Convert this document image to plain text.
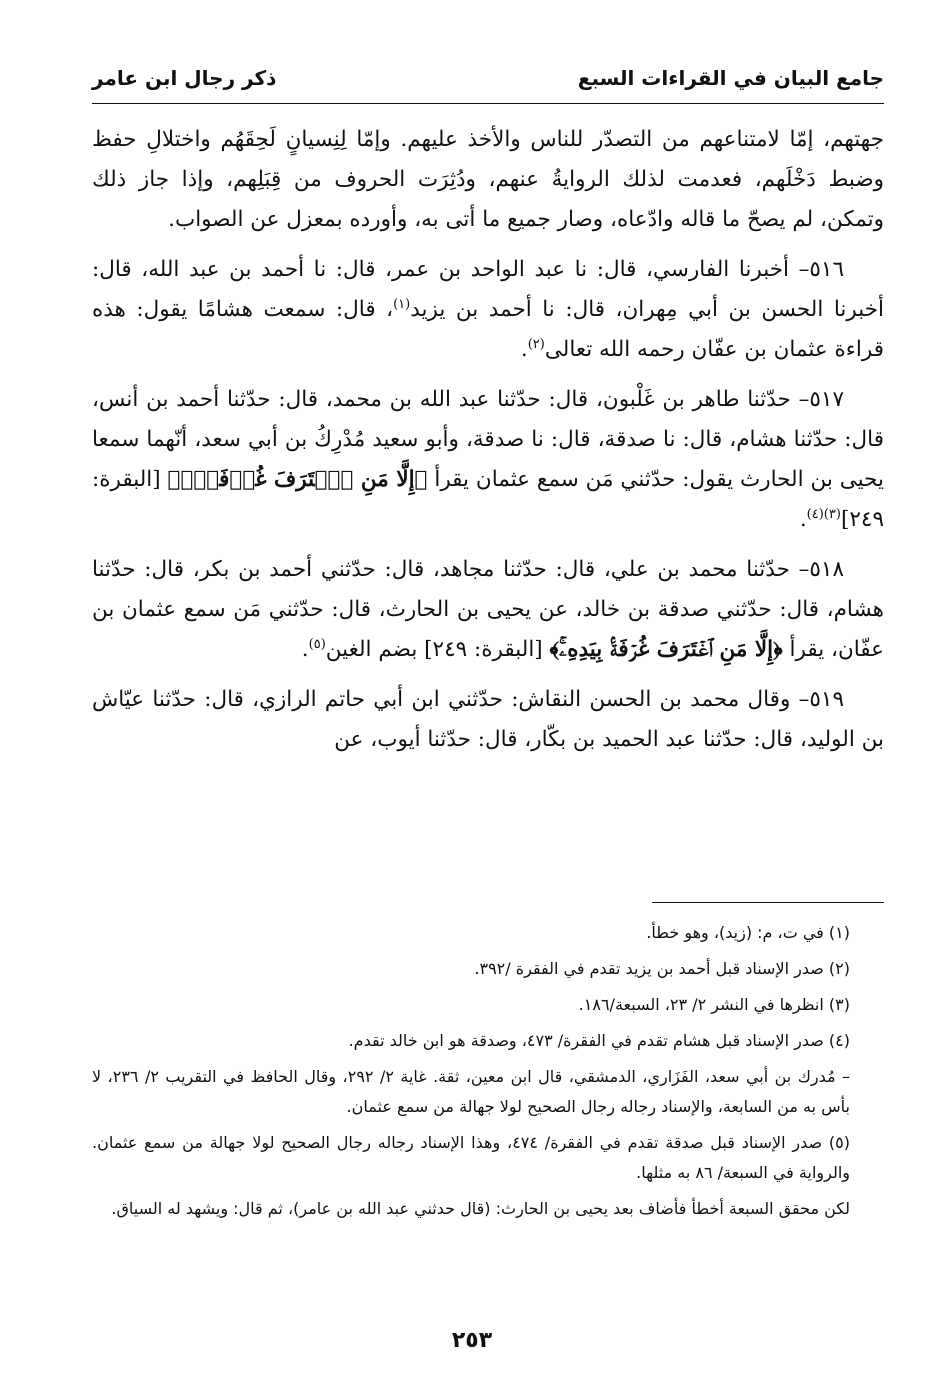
جامع البيان في القراءات السبع
ذكر رجال ابن عامر

جهتهم، إمّا لامتناعهم من التصدّر للناس والأخذ عليهم. وإمّا لِنِسيانٍ لَحِقَهُم واختلالِ حفظ وضبط دَخْلَهم، فعدمت لذلك الروايةُ عنهم، ودُثِرَت الحروف من قِبَلِهم، وإذا جاز ذلك وتمكن، لم يصحّ ما قاله وادّعاه، وصار جميع ما أتى به، وأورده بمعزل عن الصواب.

٥١٦– أخبرنا الفارسي، قال: نا عبد الواحد بن عمر، قال: نا أحمد بن عبد الله، قال: أخبرنا الحسن بن أبي مِهران، قال: نا أحمد بن يزيد$^{(١)}$، قال: سمعت هشامًا يقول: هذه قراءة عثمان بن عفّان رحمه الله تعالى$^{(٢)}$.

٥١٧– حدّثنا طاهر بن غَلْبون، قال: حدّثنا عبد الله بن محمد، قال: حدّثنا أحمد بن أنس، قال: حدّثنا هشام، قال: نا صدقة، قال: نا صدقة، وأبو سعيد مُدْرِكُ بن أبي سعد، أنّهما سمعا يحيى بن الحارث يقول: حدّثني مَن سمع عثمان يقرأ ﴿إِلَّا مَنِ ٱغۡتَرَفَ غُرۡفَةَۢ﴾ [البقرة: ٢٤٩]$^{(٣)(٤)}$.

٥١٨– حدّثنا محمد بن علي، قال: حدّثنا مجاهد، قال: حدّثني أحمد بن بكر، قال: حدّثنا هشام، قال: حدّثني صدقة بن خالد، عن يحيى بن الحارث، قال: حدّثني مَن سمع عثمان بن عفّان، يقرأ ﴿إِلَّا مَنِ ٱغۡتَرَفَ غُرۡفَةَۢ بِيَدِهِۦۚ﴾ [البقرة: ٢٤٩] بضم الغين$^{(٥)}$.

٥١٩– وقال محمد بن الحسن النقاش: حدّثني ابن أبي حاتم الرازي، قال: حدّثنا عيّاش بن الوليد، قال: حدّثنا عبد الحميد بن بكّار، قال: حدّثنا أيوب، عن

(١) في ت، م: (زيد)، وهو خطأ.

(٢) صدر الإسناد قبل أحمد بن يزيد تقدم في الفقرة /٣٩٢.

(٣) انظرها في النشر ٢/ ٢٣، السبعة/١٨٦.

(٤) صدر الإسناد قبل هشام تقدم في الفقرة/ ٤٧٣، وصدقة هو ابن خالد تقدم.

– مُدرك بن أبي سعد، الفَزَاري، الدمشقي، قال ابن معين، ثقة. غاية ٢/ ٢٩٢، وقال الحافظ في التقريب ٢/ ٢٣٦، لا بأس به من السابعة، والإسناد رجاله رجال الصحيح لولا جهالة من سمع عثمان.

(٥) صدر الإسناد قبل صدقة تقدم في الفقرة/ ٤٧٤، وهذا الإسناد رجاله رجال الصحيح لولا جهالة من سمع عثمان. والرواية في السبعة/ ٨٦ به مثلها.

لكن محقق السبعة أخطأ فأضاف بعد يحيى بن الحارث: (قال حدثني عبد الله بن عامر)، ثم قال: ويشهد له السياق.

٢٥٣
